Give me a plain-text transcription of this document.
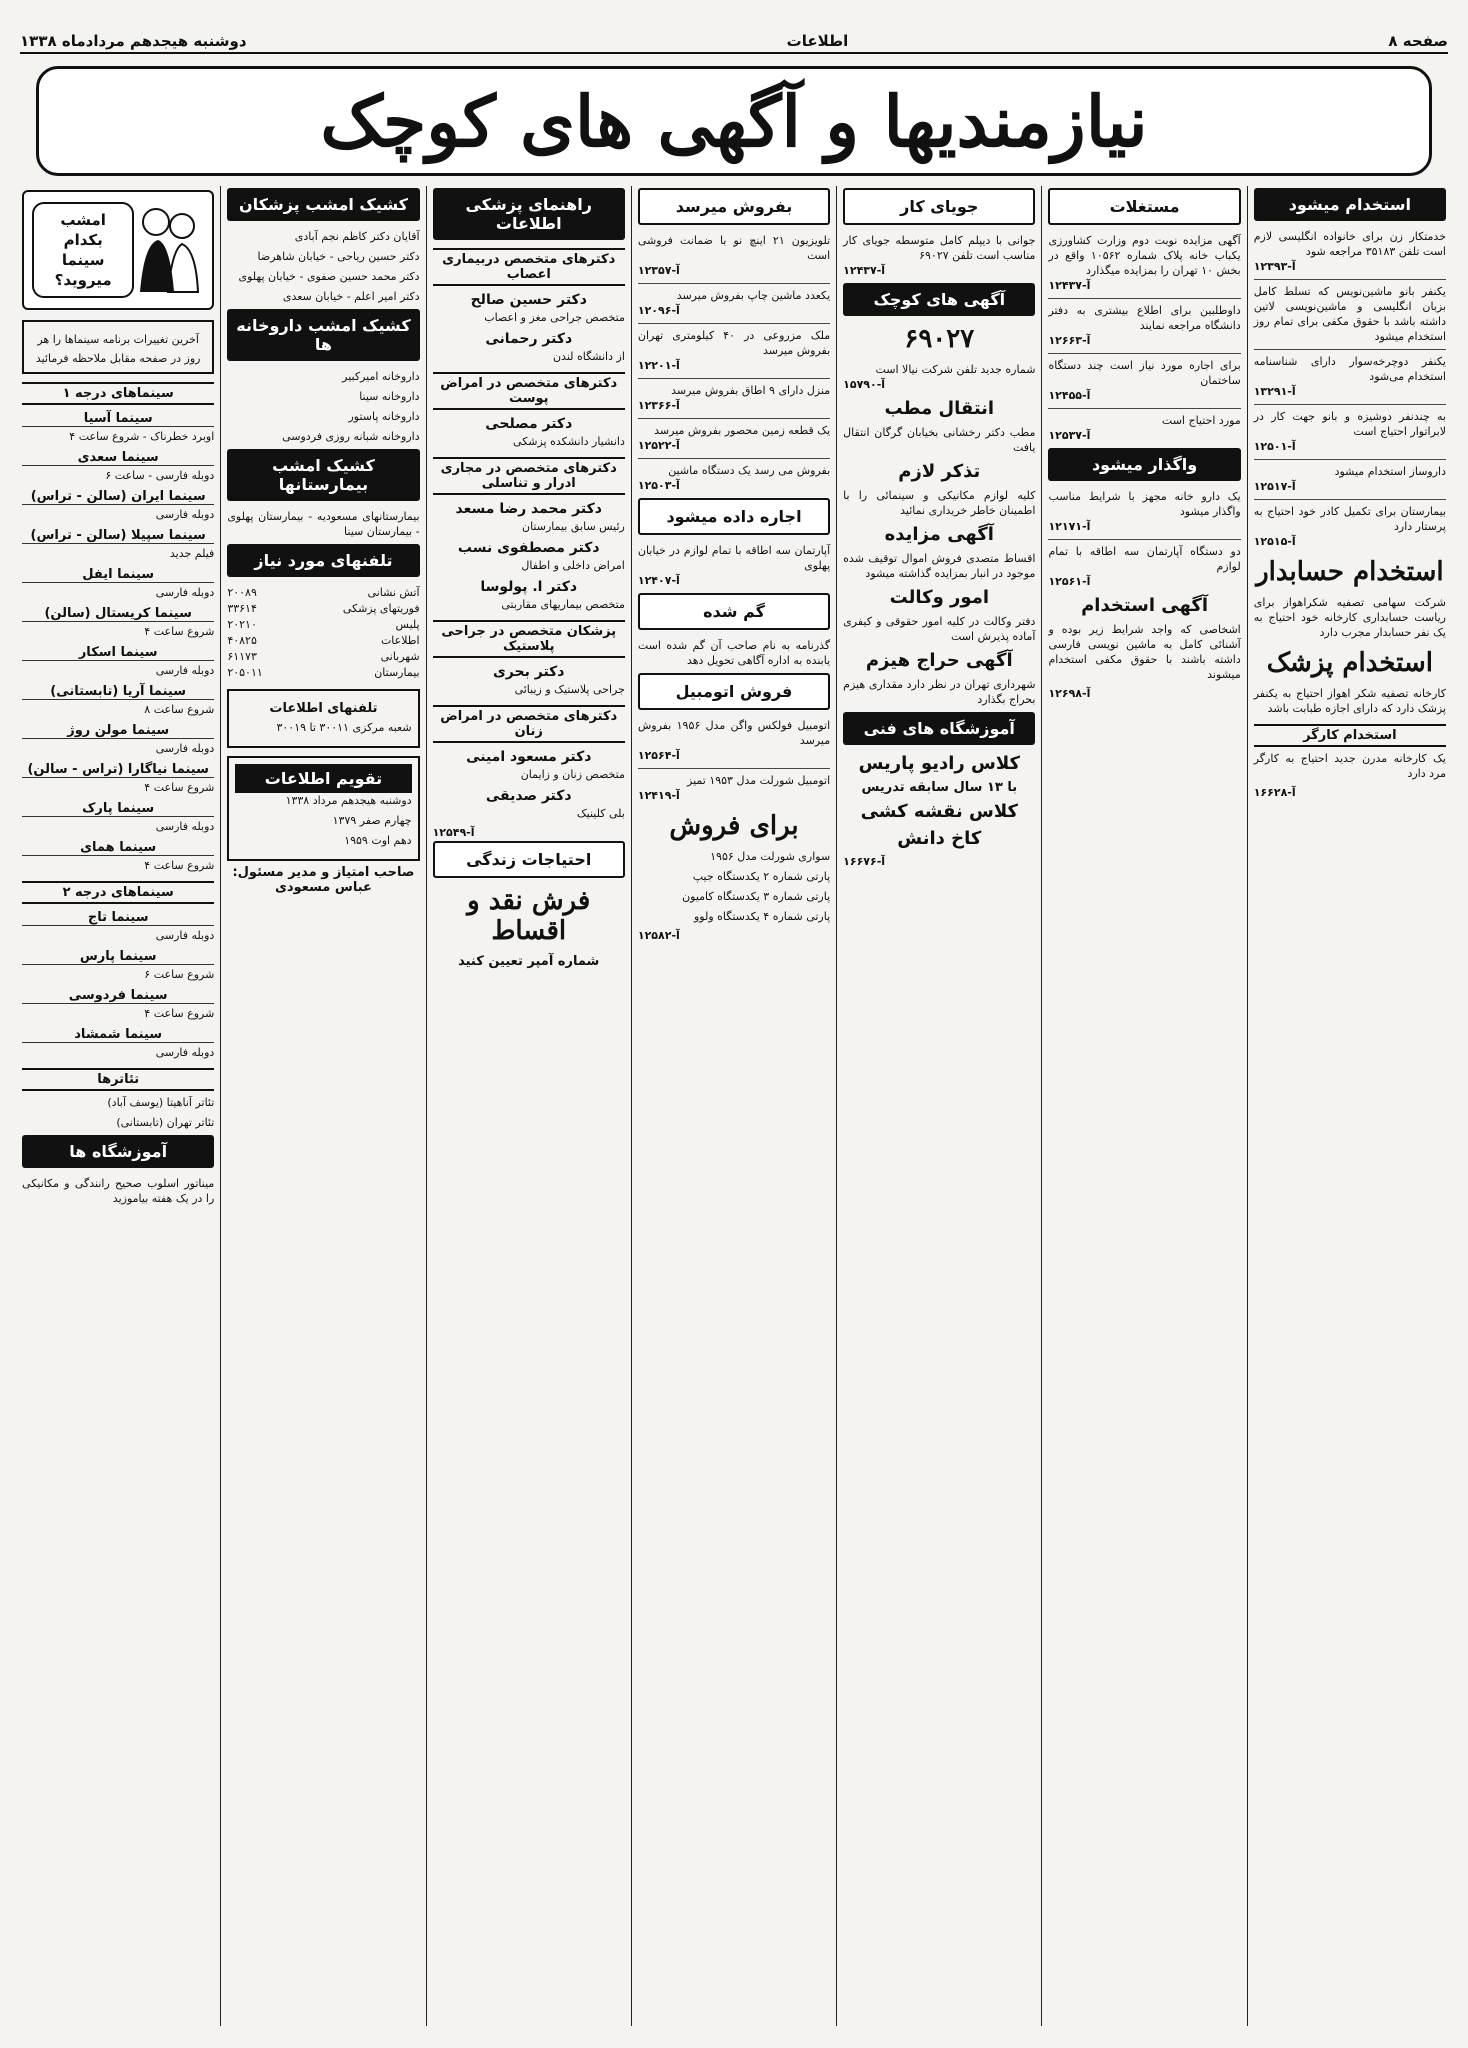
صفحه ۸
اطلاعات
دوشنبه هیجدهم مردادماه ۱۳۳۸
نیازمندیها و آگهی های کوچک
استخدام میشود
خدمتکار زن برای خانواده انگلیسی لازم است تلفن ۳۵۱۸۳ مراجعه شود
۱۲۳۹۳-آ
یکنفر بانو ماشین‌نویس که تسلط کامل بزبان انگلیسی و ماشین‌نویسی لاتین داشته باشد با حقوق مکفی برای تمام روز استخدام میشود
یکنفر دوچرخه‌سوار دارای شناسنامه استخدام می‌شود
۱۳۲۹۱-آ
به چندنفر دوشیزه و بانو جهت کار در لابراتوار احتیاج است
۱۲۵۰۱-آ
داروساز استخدام میشود
۱۲۵۱۷-آ
بیمارستان برای تکمیل کادر خود احتیاج به پرستار دارد
۱۲۵۱۵-آ
استخدام حسابدار
شرکت سهامی تصفیه شکراهواز برای ریاست حسابداری کارخانه خود احتیاج به یک نفر حسابدار مجرب دارد
استخدام پزشک
کارخانه تصفیه شکر اهواز احتیاج به یکنفر پزشک دارد که دارای اجازه طبابت باشد
استخدام کارگر
یک کارخانه مدرن جدید احتیاج به کارگر مرد دارد
۱۶۶۲۸-آ
مستغلات
آگهی مزایده نوبت دوم وزارت کشاورزی یکباب خانه پلاک شماره ۱۰۵۶۲ واقع در بخش ۱۰ تهران را بمزایده میگذارد
۱۲۴۳۷-آ
داوطلبین برای اطلاع بیشتری به دفتر دانشگاه مراجعه نمایند
۱۲۶۶۳-آ
برای اجاره مورد نیاز است چند دستگاه ساختمان
۱۲۴۵۵-آ
مورد احتیاج است
۱۲۵۳۷-آ
واگذار میشود
یک دارو خانه مجهز با شرایط مناسب واگذار میشود
۱۲۱۷۱-آ
دو دستگاه آپارتمان سه اطاقه با تمام لوازم
۱۲۵۶۱-آ
آگهی استخدام
اشخاصی که واجد شرایط زیر بوده و آشنائی کامل به ماشین نویسی فارسی داشته باشند با حقوق مکفی استخدام میشوند
۱۲۶۹۸-آ
جویای کار
جوانی با دیپلم کامل متوسطه جویای کار مناسب است تلفن ۶۹۰۲۷
۱۲۴۳۷-آ
آگهی های کوچک
۶۹۰۲۷
شماره جدید تلفن شرکت نیالا است
۱۵۷۹۰-آ
انتقال مطب
مطب دکتر رخشانی بخیابان گرگان انتقال یافت
تذکر لازم
کلیه لوازم مکانیکی و سینمائی را با اطمینان خاطر خریداری نمائید
آگهی مزایده
اقساط متصدی فروش اموال توقیف شده موجود در انبار بمزایده گذاشته میشود
امور وکالت
دفتر وکالت در کلیه امور حقوقی و کیفری آماده پذیرش است
آگهی حراج هیزم
شهرداری تهران در نظر دارد مقداری هیزم بحراج بگذارد
آموزشگاه های فنی
کلاس رادیو پاریس
با ۱۳ سال سابقه تدریس
کلاس نقشه کشی
کاخ دانش
۱۶۶۷۶-آ
بفروش میرسد
تلویزیون ۲۱ اینچ نو با ضمانت فروشی است
۱۲۳۵۷-آ
یکعدد ماشین چاپ بفروش میرسد
۱۲۰۹۶-آ
ملک مزروعی در ۴۰ کیلومتری تهران بفروش میرسد
۱۲۲۰۱-آ
منزل دارای ۹ اطاق بفروش میرسد
۱۲۳۶۶-آ
یک قطعه زمین محصور بفروش میرسد
۱۲۵۲۲-آ
بفروش می رسد یک دستگاه ماشین
۱۲۵۰۳-آ
اجاره داده میشود
آپارتمان سه اطاقه با تمام لوازم در خیابان پهلوی
۱۲۴۰۷-آ
گم شده
گذرنامه به نام صاحب آن گم شده است یابنده به اداره آگاهی تحویل دهد
فروش اتومبیل
اتومبیل فولکس واگن مدل ۱۹۵۶ بفروش میرسد
۱۲۵۶۴-آ
اتومبیل شورلت مدل ۱۹۵۳ تمیز
۱۲۴۱۹-آ
برای فروش
سواری شورلت مدل ۱۹۵۶
پارتی شماره ۲ یکدستگاه جیپ
پارتی شماره ۳ یکدستگاه کامیون
پارتی شماره ۴ یکدستگاه ولوو
۱۲۵۸۲-آ
راهنمای پزشکی اطلاعات
دکترهای متخصص دربیماری اعصاب
دکتر حسین صالح
متخصص جراحی مغز و اعصاب
دکتر رحمانی
از دانشگاه لندن
دکترهای متخصص در امراض پوست
دکتر مصلحی
دانشیار دانشکده پزشکی
دکترهای متخصص در مجاری ادرار و تناسلی
دکتر محمد رضا مسعد
رئیس سابق بیمارستان
دکتر مصطفوی نسب
امراض داخلی و اطفال
دکتر ا. پولوسا
متخصص بیماریهای مقاربتی
پزشکان متخصص در جراحی پلاستیک
دکتر بحری
جراحی پلاستیک و زیبائی
دکترهای متخصص در امراض زنان
دکتر مسعود امینی
متخصص زنان و زایمان
دکتر صدیقی
بلی کلینیک
۱۲۵۴۹-آ
احتیاجات زندگی
فرش نقد و اقساط
شماره آمپر تعیین کنید
کشیک امشب پزشکان
آقایان دکتر کاظم نجم آبادی
دکتر حسین ریاحی - خیابان شاهرضا
دکتر محمد حسین صفوی - خیابان پهلوی
دکتر امیر اعلم - خیابان سعدی
کشیک امشب داروخانه ها
داروخانه امیرکبیر
داروخانه سینا
داروخانه پاستور
داروخانه شبانه روزی فردوسی
کشیک امشب بیمارستانها
بیمارستانهای مسعودیه - بیمارستان پهلوی - بیمارستان سینا
تلفنهای مورد نیاز
آتش نشانی
۲۰۰۸۹
فوریتهای پزشکی
۳۳۶۱۴
پلیس
۲۰۲۱۰
اطلاعات
۴۰۸۲۵
شهربانی
۶۱۱۷۳
بیمارستان
۲۰۵۰۱۱
تلفنهای اطلاعات
شعبه مرکزی ۳۰۰۱۱ تا ۳۰۰۱۹
تقویم اطلاعات
دوشنبه هیجدهم مرداد ۱۳۳۸
چهارم صفر ۱۳۷۹
دهم اوت ۱۹۵۹
صاحب امتیاز و مدیر مسئول: عباس مسعودی
امشب بکدام سینما میروید؟
آخرین تغییرات برنامه سینماها را هر روز در صفحه مقابل ملاحظه فرمائید
سینماهای درجه ۱
سینما آسیا
اوبرد خطرناک - شروع ساعت ۴
سینما سعدی
دوبله فارسی - ساعت ۶
سینما ایران (سالن - تراس)
دوبله فارسی
سینما سپیلا (سالن - تراس)
فیلم جدید
سینما ایفل
دوبله فارسی
سینما کریستال (سالن)
شروع ساعت ۴
سینما اسکار
دوبله فارسی
سینما آریا (تابستانی)
شروع ساعت ۸
سینما مولن روژ
دوبله فارسی
سینما نیاگارا (تراس - سالن)
شروع ساعت ۴
سینما پارک
دوبله فارسی
سینما همای
شروع ساعت ۴
سینماهای درجه ۲
سینما تاج
دوبله فارسی
سینما پارس
شروع ساعت ۶
سینما فردوسی
شروع ساعت ۴
سینما شمشاد
دوبله فارسی
تئاترها
تئاتر آناهیتا (یوسف آباد)
تئاتر تهران (تابستانی)
آموزشگاه ها
میناتور اسلوب صحیح رانندگی و مکانیکی را در یک هفته بیاموزید
